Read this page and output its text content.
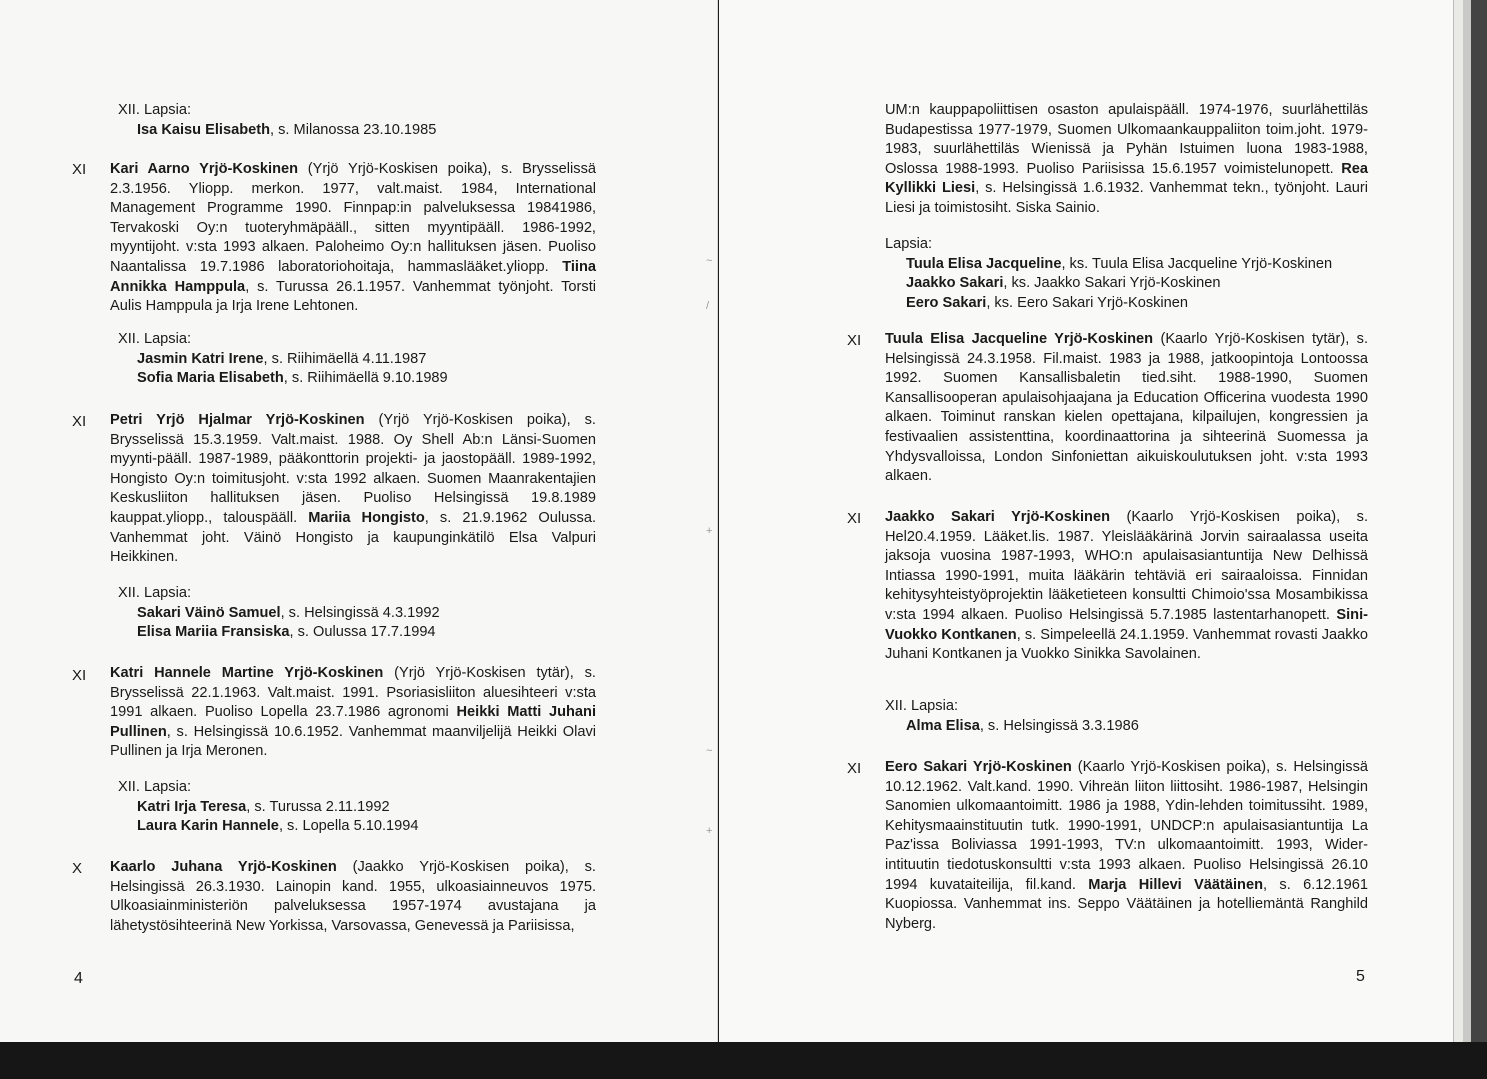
XII. Lapsia:
Isa Kaisu Elisabeth, s. Milanossa 23.10.1985
XI Kari Aarno Yrjö-Koskinen (Yrjö Yrjö-Koskisen poika), s. Brysselissä 2.3.1956. Ylioрp. merkon. 1977, valt.maist. 1984, International Management Programme 1990. Finnpap:in palveluksessa 19841986, Tervakoski Oy:n tuoteryhmäpääll., sitten myyntipääll. 1986-1992, myyntijoht. v:sta 1993 alkaen. Paloheimo Oy:n hallituksen jäsen. Puoliso Naantalissa 19.7.1986 laboratoriohoitaja, hammaslääket.yliopp. Tiina Annikka Hamppula, s. Turussa 26.1.1957. Vanhemmat työnjoht. Torsti Aulis Hamppula ja Irja Irene Lehtonen.
XII. Lapsia:
Jasmin Katri Irene, s. Riihimäellä 4.11.1987
Sofia Maria Elisabeth, s. Riihimäellä 9.10.1989
XI Petri Yrjö Hjalmar Yrjö-Koskinen (Yrjö Yrjö-Koskisen poika), s. Brysselissä 15.3.1959. Valt.maist. 1988. Oy Shell Ab:n Länsi-Suomen myynti-pääll. 1987-1989, pääkonttorin projekti- ja jaostopääll. 1989-1992, Hongisto Oy:n toimitusjoht. v:sta 1992 alkaen. Suomen Maanrakentajien Keskusliiton hallituksen jäsen. Puoliso Helsingissä 19.8.1989 kauppat.yliopp., talouspääll. Mariia Hongisto, s. 21.9.1962 Oulussa. Vanhemmat joht. Väinö Hongisto ja kaupunginkätilö Elsa Valpuri Heikkinen.
XII. Lapsia:
Sakari Väinö Samuel, s. Helsingissä 4.3.1992
Elisa Mariia Fransiska, s. Oulussa 17.7.1994
XI Katri Hannele Martine Yrjö-Koskinen (Yrjö Yrjö-Koskisen tytär), s. Brysselissä 22.1.1963. Valt.maist. 1991. Psoriasisliiton aluesihteeri v:sta 1991 alkaen. Puoliso Lopella 23.7.1986 agronomi Heikki Matti Juhani Pullinen, s. Helsingissä 10.6.1952. Vanhemmat maanviljelijä Heikki Olavi Pullinen ja Irja Meronen.
XII. Lapsia:
Katri Irja Teresa, s. Turussa 2.11.1992
Laura Karin Hannele, s. Lopella 5.10.1994
X Kaarlo Juhana Yrjö-Koskinen (Jaakko Yrjö-Koskisen poika), s. Helsingissä 26.3.1930. Lainopin kand. 1955, ulkoasiainneuvos 1975. Ulkoasiainministeriön palveluksessa 1957-1974 avustajana ja lähetystösihteerinä New Yorkissa, Varsovassa, Genevessä ja Pariisissa,
4
~
/
+
~
+
UM:n kauppapoliittisen osaston apulaispääll. 1974-1976, suurlähettiläs Budapestissa 1977-1979, Suomen Ulkomaankauppaliiton toim.joht. 1979-1983, suurlähettiläs Wienissä ja Pyhän Istuimen luona 1983-1988, Oslossa 1988-1993. Puoliso Pariisissa 15.6.1957 voimistelunopett. Rea Kyllikki Liesi, s. Helsingissä 1.6.1932. Vanhemmat tekn., työnjoht. Lauri Liesi ja toimistosiht. Siska Sainio.
Lapsia:
Tuula Elisa Jacqueline, ks. Tuula Elisa Jacqueline Yrjö-Koskinen
Jaakko Sakari, ks. Jaakko Sakari Yrjö-Koskinen
Eero Sakari, ks. Eero Sakari Yrjö-Koskinen
XI Tuula Elisa Jacqueline Yrjö-Koskinen (Kaarlo Yrjö-Koskisen tytär), s. Helsingissä 24.3.1958. Fil.maist. 1983 ja 1988, jatkoopintoja Lontoossa 1992. Suomen Kansallisbaletin tied.siht. 1988-1990, Suomen Kansallisooperan apulaisohjaajana ja Education Officerina vuodesta 1990 alkaen. Toiminut ranskan kielen opettajana, kilpailujen, kongressien ja festivaalien assistenttina, koordinaattorina ja sihteerinä Suomessa ja Yhdysvalloissa, London Sinfoniettan aikuiskoulutuksen joht. v:sta 1993 alkaen.
XI Jaakko Sakari Yrjö-Koskinen (Kaarlo Yrjö-Koskisen poika), s. Hel20.4.1959. Lääket.lis. 1987. Yleislääkärinä Jorvin sairaalassa useita jaksoja vuosina 1987-1993, WHO:n apulaisasiantuntija New Delhissä Intiassa 1990-1991, muita lääkärin tehtäviä eri sairaaloissa. Finnidan kehitysyhteistyöprojektin lääketieteen konsultti Chimoio'ssa Mosambikissa v:sta 1994 alkaen. Puoliso Helsingissä 5.7.1985 lastentarhanopett. Sini-Vuokko Kontkanen, s. Simpeleellä 24.1.1959. Vanhemmat rovasti Jaakko Juhani Kontkanen ja Vuokko Sinikka Savolainen.
XII. Lapsia:
Alma Elisa, s. Helsingissä 3.3.1986
XI Eero Sakari Yrjö-Koskinen (Kaarlo Yrjö-Koskisen poika), s. Helsingissä 10.12.1962. Valt.kand. 1990. Vihreän liiton liittosiht. 1986-1987, Helsingin Sanomien ulkomaantoimitt. 1986 ja 1988, Ydin-lehden toimitussiht. 1989, Kehitysmaainstituutin tutk. 1990-1991, UNDCP:n apulaisasiantuntija La Paz'issa Boliviassa 1991-1993, TV:n ulkomaantoimitt. 1993, Wider-intituutin tiedotuskonsultti v:sta 1993 alkaen. Puoliso Helsingissä 26.10 1994 kuvataiteilija, fil.kand. Marja Hillevi Väätäinen, s. 6.12.1961 Kuopiossa. Vanhemmat ins. Seppo Väätäinen ja hotelliemäntä Ranghild Nyberg.
5
